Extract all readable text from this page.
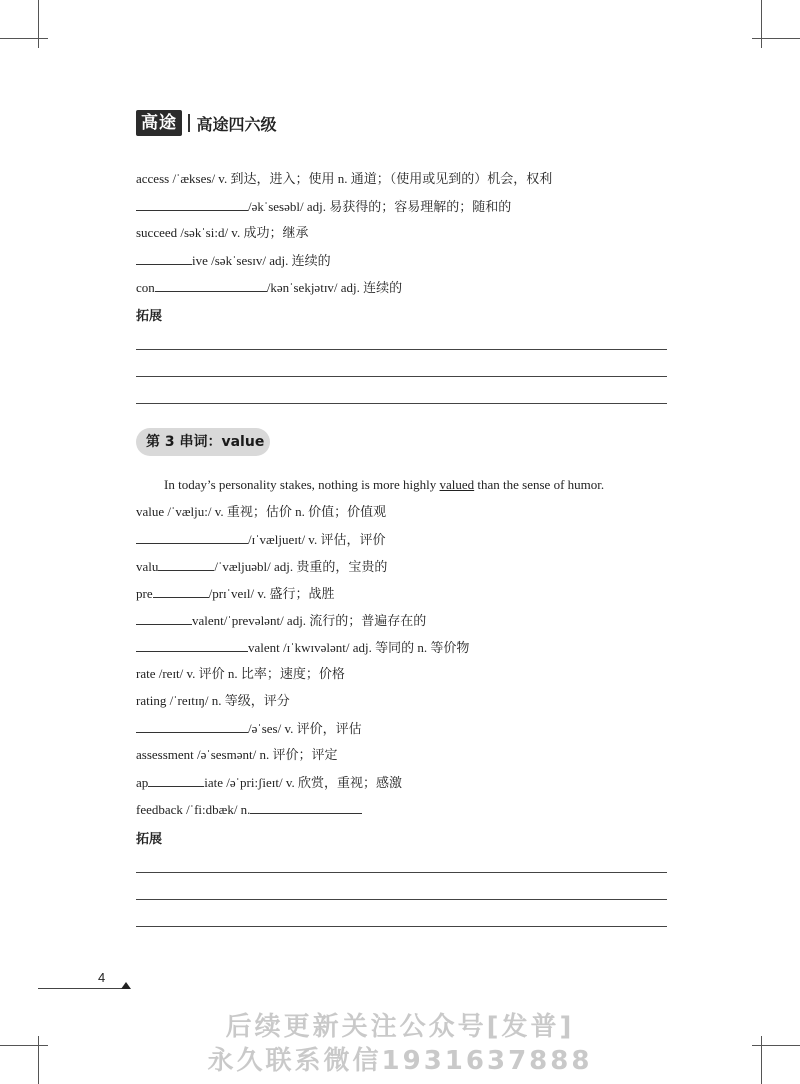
高途	高途四六级
access /ˈækses/ v. 到达，进入；使用 n. 通道；（使用或见到的）机会，权利
/əkˈsesəbl/ adj. 易获得的；容易理解的；随和的
succeed /səkˈsi:d/ v. 成功；继承
ive /səkˈsesɪv/ adj. 连续的
con	/kənˈsekjətɪv/ adj. 连续的
拓展
第 3 串词：value
In today’s personality stakes, nothing is more highly valued than the sense of humor.
value /ˈvælju:/ v. 重视；估价 n. 价值；价值观
/ɪˈvæljueɪt/ v. 评估，评价
valu	/ˈvæljuəbl/ adj. 贵重的，宝贵的
pre	/prɪˈveɪl/ v. 盛行；战胜
valent/ˈprevələnt/ adj. 流行的；普遍存在的
valent /ɪˈkwɪvələnt/ adj. 等同的 n. 等价物
rate /reɪt/ v. 评价 n. 比率；速度；价格
rating /ˈreɪtɪŋ/ n. 等级，评分
/əˈses/ v. 评价，评估
assessment /əˈsesmənt/ n. 评价；评定
ap	iate /əˈpri:ʃieɪt/ v. 欣赏，重视；感激
feedback /ˈfi:dbæk/ n.
拓展
4
后续更新关注公众号[发普]
永久联系微信1931637888
